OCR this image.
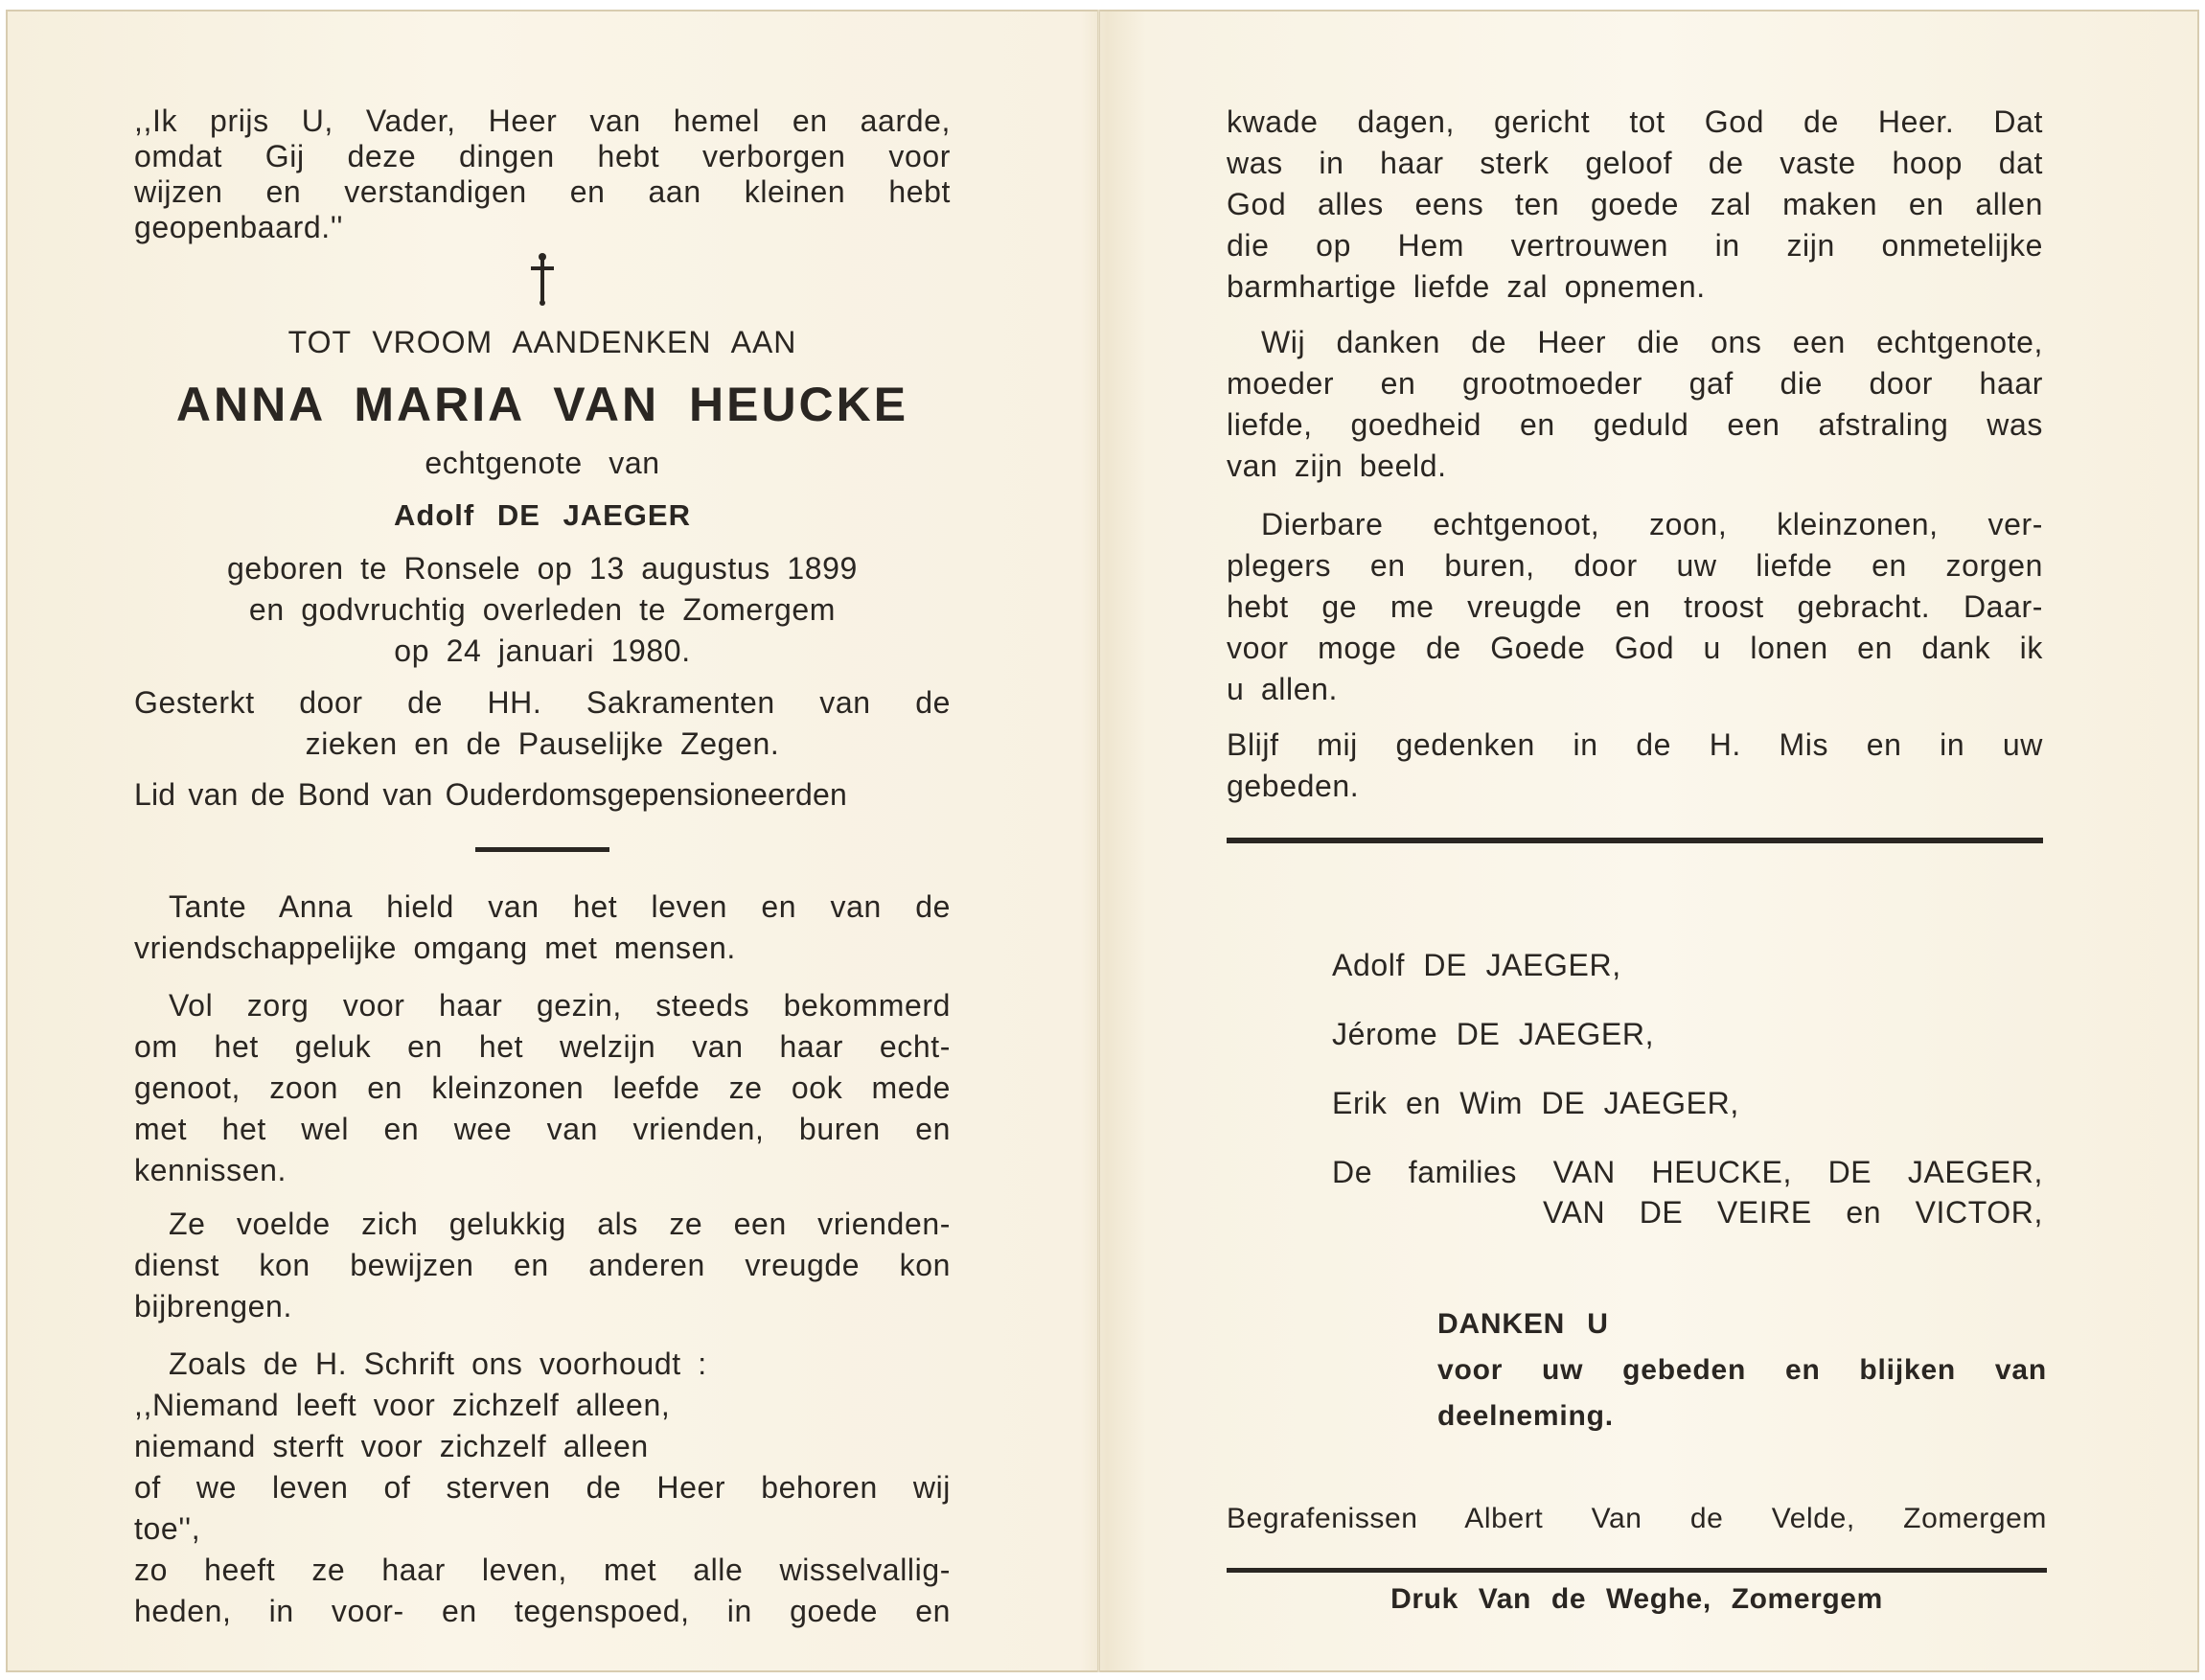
,,Ik prijs U, Vader, Heer van hemel en aarde,
omdat Gij deze dingen hebt verborgen voor
wijzen en verstandigen en aan kleinen hebt
geopenbaard.''

TOT VROOM AANDENKEN AAN

ANNA MARIA VAN HEUCKE

echtgenote van

Adolf DE JAEGER

geboren te Ronsele op 13 augustus 1899
en godvruchtig overleden te Zomergem
op 24 januari 1980.

Gesterkt door de HH. Sakramenten van de
zieken en de Pauselijke Zegen.

Lid van de Bond van Ouderdomsgepensioneerden

Tante Anna hield van het leven en van de
vriendschappelijke omgang met mensen.

Vol zorg voor haar gezin, steeds bekommerd
om het geluk en het welzijn van haar echt-
genoot, zoon en kleinzonen leefde ze ook mede
met het wel en wee van vrienden, buren en
kennissen.

Ze voelde zich gelukkig als ze een vrienden-
dienst kon bewijzen en anderen vreugde kon
bijbrengen.

Zoals de H. Schrift ons voorhoudt :
,,Niemand leeft voor zichzelf alleen,
niemand sterft voor zichzelf alleen
of we leven of sterven de Heer behoren wij
toe'',
zo heeft ze haar leven, met alle wisselvallig-
heden, in voor- en tegenspoed, in goede en

kwade dagen, gericht tot God de Heer. Dat
was in haar sterk geloof de vaste hoop dat
God alles eens ten goede zal maken en allen
die op Hem vertrouwen in zijn onmetelijke
barmhartige liefde zal opnemen.

Wij danken de Heer die ons een echtgenote,
moeder en grootmoeder gaf die door haar
liefde, goedheid en geduld een afstraling was
van zijn beeld.

Dierbare echtgenoot, zoon, kleinzonen, ver-
plegers en buren, door uw liefde en zorgen
hebt ge me vreugde en troost gebracht. Daar-
voor moge de Goede God u lonen en dank ik
u allen.

Blijf mij gedenken in de H. Mis en in uw
gebeden.

Adolf DE JAEGER,

Jérome DE JAEGER,

Erik en Wim DE JAEGER,

De families VAN HEUCKE, DE JAEGER,

VAN DE VEIRE en VICTOR,

DANKEN U

voor uw gebeden en blijken van

deelneming.

Begrafenissen Albert Van de Velde, Zomergem

Druk Van de Weghe, Zomergem
